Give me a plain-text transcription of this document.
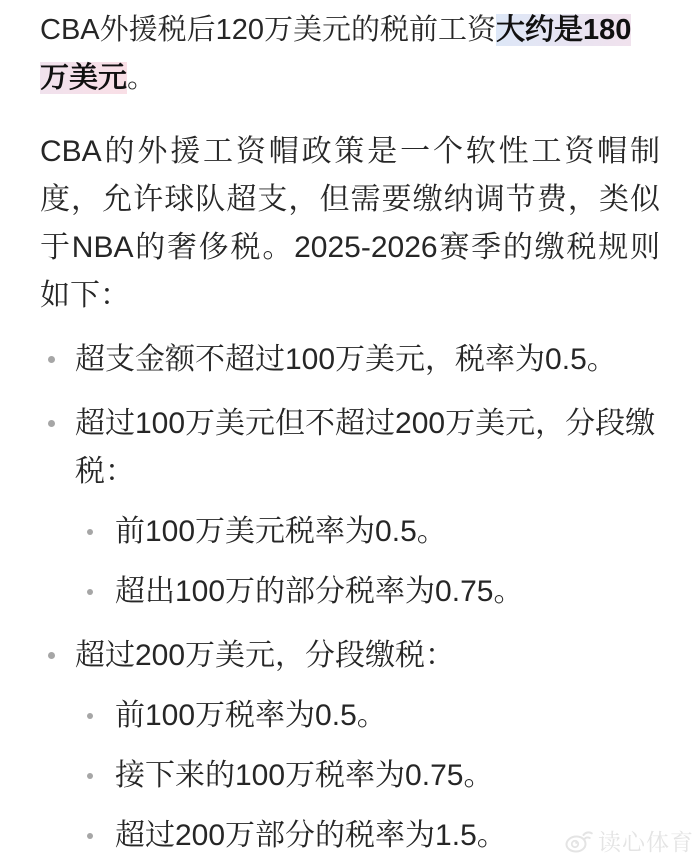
CBA外援税后120万美元的税前工资大约是180万美元。

CBA的外援工资帽政策是一个软性工资帽制度，允许球队超支，但需要缴纳调节费，类似于NBA的奢侈税。2025-2026赛季的缴税规则如下：

超支金额不超过100万美元，税率为0.5。
超过100万美元但不超过200万美元，分段缴税：
前100万美元税率为0.5。
超出100万的部分税率为0.75。
超过200万美元，分段缴税：
前100万税率为0.5。
接下来的100万税率为0.75。
超过200万部分的税率为1.5。	读心体育
